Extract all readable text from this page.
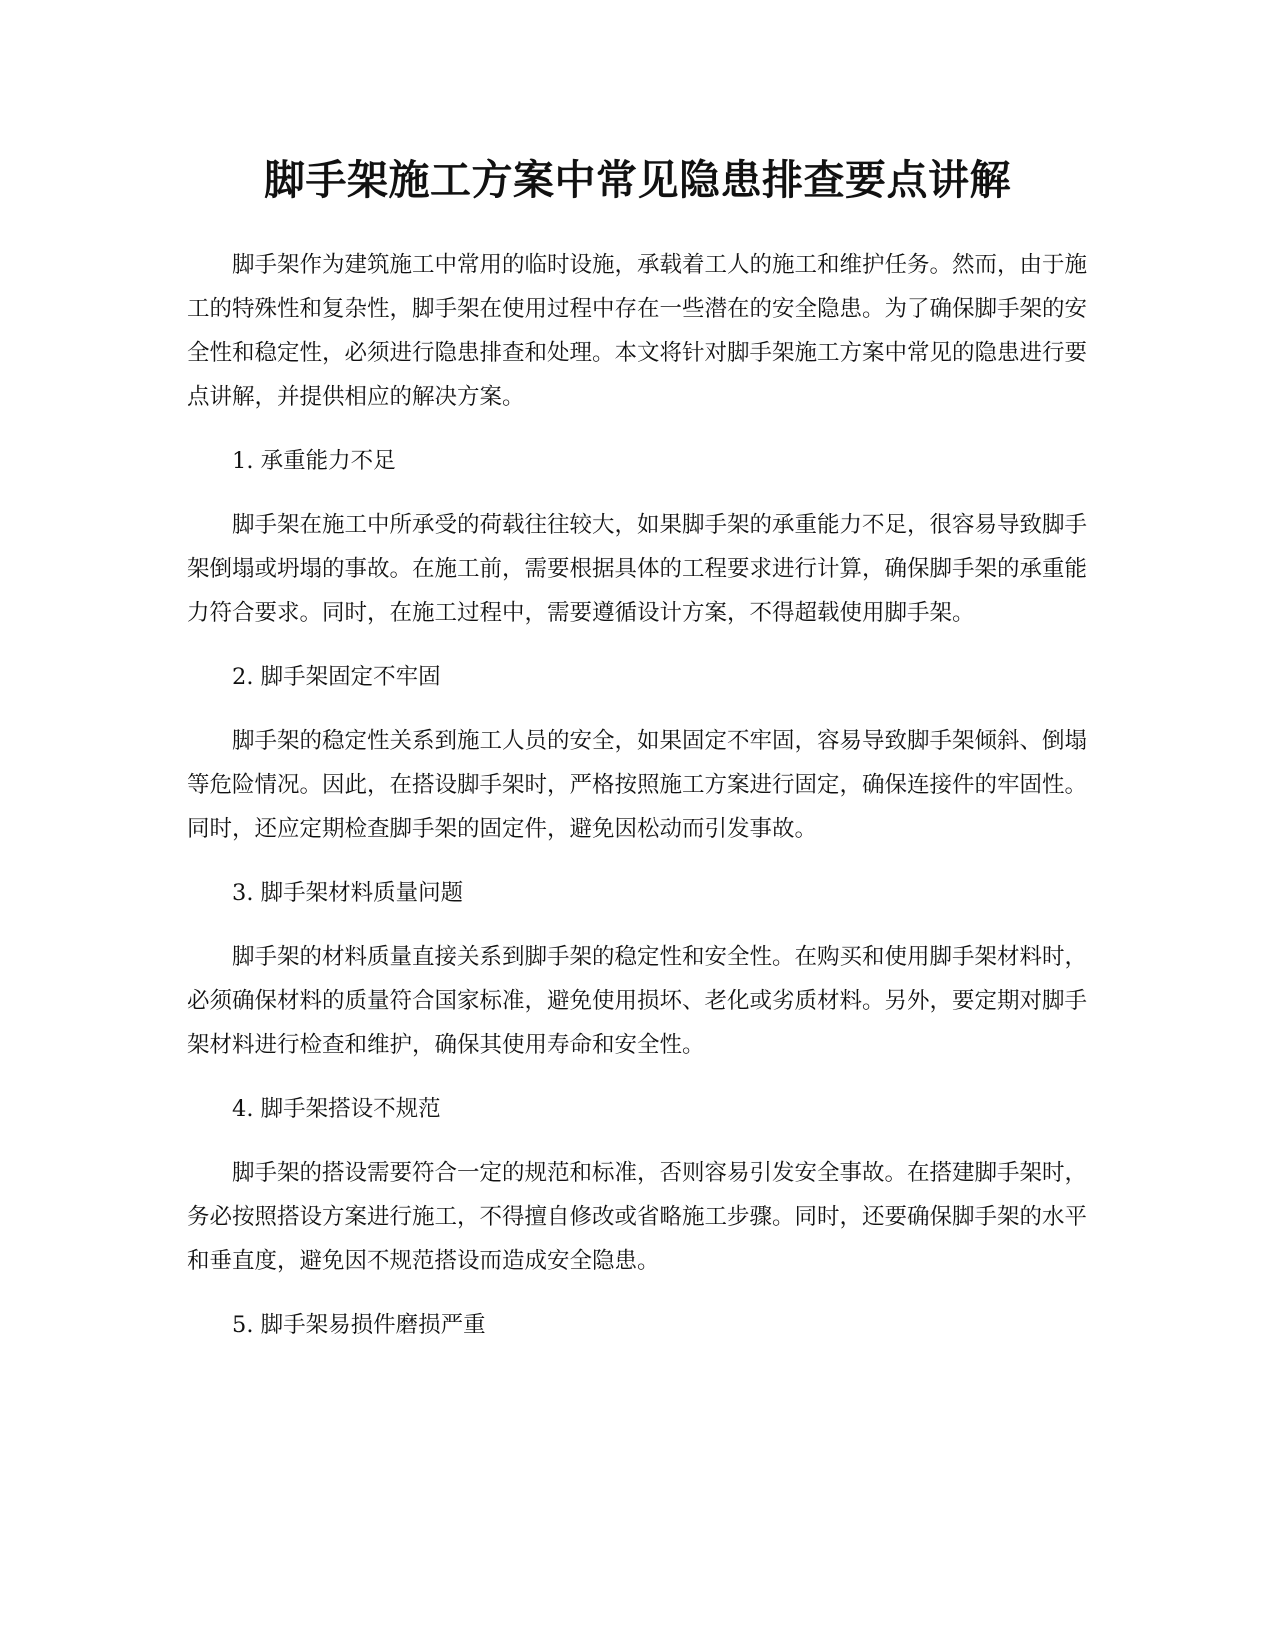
脚手架施工方案中常见隐患排查要点讲解

脚手架作为建筑施工中常用的临时设施，承载着工人的施工和维护任务。然而，由于施工的特殊性和复杂性，脚手架在使用过程中存在一些潜在的安全隐患。为了确保脚手架的安全性和稳定性，必须进行隐患排查和处理。本文将针对脚手架施工方案中常见的隐患进行要点讲解，并提供相应的解决方案。

1. 承重能力不足

脚手架在施工中所承受的荷载往往较大，如果脚手架的承重能力不足，很容易导致脚手架倒塌或坍塌的事故。在施工前，需要根据具体的工程要求进行计算，确保脚手架的承重能力符合要求。同时，在施工过程中，需要遵循设计方案，不得超载使用脚手架。

2. 脚手架固定不牢固

脚手架的稳定性关系到施工人员的安全，如果固定不牢固，容易导致脚手架倾斜、倒塌等危险情况。因此，在搭设脚手架时，严格按照施工方案进行固定，确保连接件的牢固性。同时，还应定期检查脚手架的固定件，避免因松动而引发事故。

3. 脚手架材料质量问题

脚手架的材料质量直接关系到脚手架的稳定性和安全性。在购买和使用脚手架材料时，必须确保材料的质量符合国家标准，避免使用损坏、老化或劣质材料。另外，要定期对脚手架材料进行检查和维护，确保其使用寿命和安全性。

4. 脚手架搭设不规范

脚手架的搭设需要符合一定的规范和标准，否则容易引发安全事故。在搭建脚手架时，务必按照搭设方案进行施工，不得擅自修改或省略施工步骤。同时，还要确保脚手架的水平和垂直度，避免因不规范搭设而造成安全隐患。

5. 脚手架易损件磨损严重
